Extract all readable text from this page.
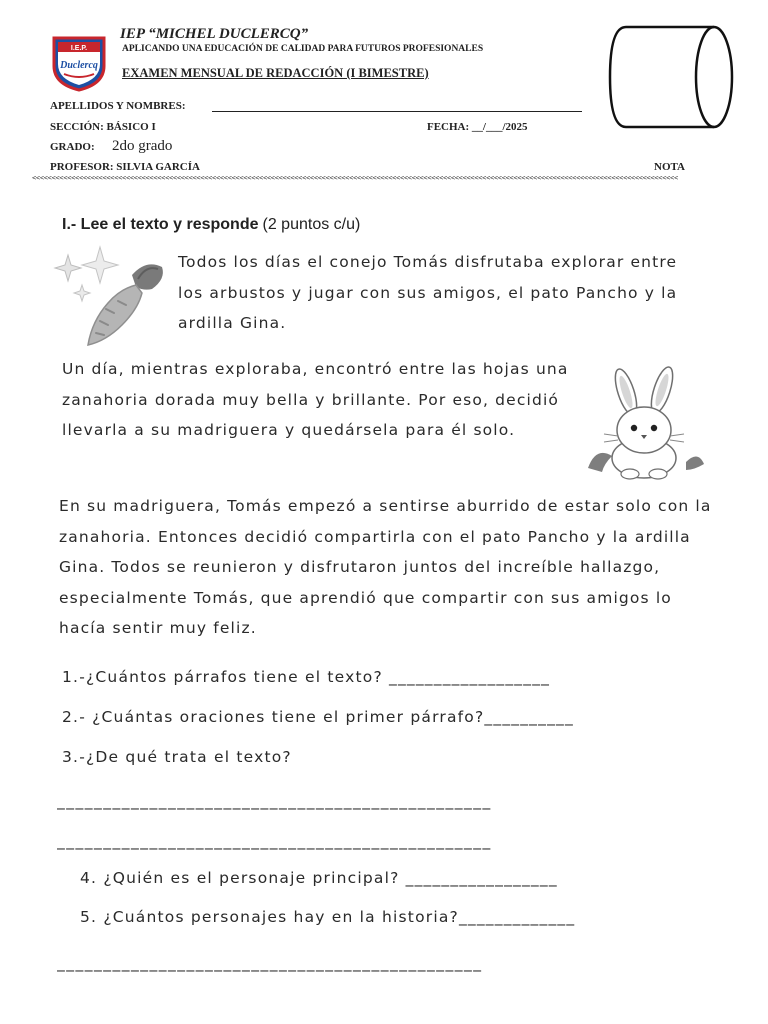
I.E.P.
Duclercq
IEP “MICHEL DUCLERCQ”
APLICANDO UNA EDUCACIÓN DE CALIDAD PARA FUTUROS PROFESIONALES
EXAMEN MENSUAL DE REDACCIÓN (I BIMESTRE)
APELLIDOS Y NOMBRES:
SECCIÓN: BÁSICO I	FECHA: __/___/2025
GRADO: 2do grado
PROFESOR: SILVIA GARCÍA	NOTA
<<<<<<<<<<<<<<<<<<<<<<<<<<<<<<<<<<<<<<<<<<<<<<<<<<<<<<<<<<<<<<<<<<<<<<<<<<<<<<<<<<<<<<<<<<<<<<<<<<<<<<<<<<<<<<<<<<<<<<<<<<<<<<<<<<<<<<<<<<<<<<<<<<<<<<<<<<<<<<<<<<<<<
I.- Lee el texto y responde (2 puntos c/u)
Todos los días el conejo Tomás disfrutaba explorar entre los arbustos y jugar con sus amigos, el pato Pancho y la ardilla Gina.
Un día, mientras exploraba, encontró entre las hojas una zanahoria dorada muy bella y brillante. Por eso, decidió llevarla a su madriguera y quedársela para él solo.
En su madriguera, Tomás empezó a sentirse aburrido de estar solo con la zanahoria. Entonces decidió compartirla con el pato Pancho y la ardilla Gina. Todos se reunieron y disfrutaron juntos del increíble hallazgo, especialmente Tomás, que aprendió que compartir con sus amigos lo hacía sentir muy feliz.
1.-¿Cuántos párrafos tiene el texto? __________________
2.- ¿Cuántas oraciones tiene el primer párrafo?__________
3.-¿De qué trata el texto?
_______________________________________________
_______________________________________________
4. ¿Quién es el personaje principal? _________________
5. ¿Cuántos personajes hay en la historia?_____________
______________________________________________
